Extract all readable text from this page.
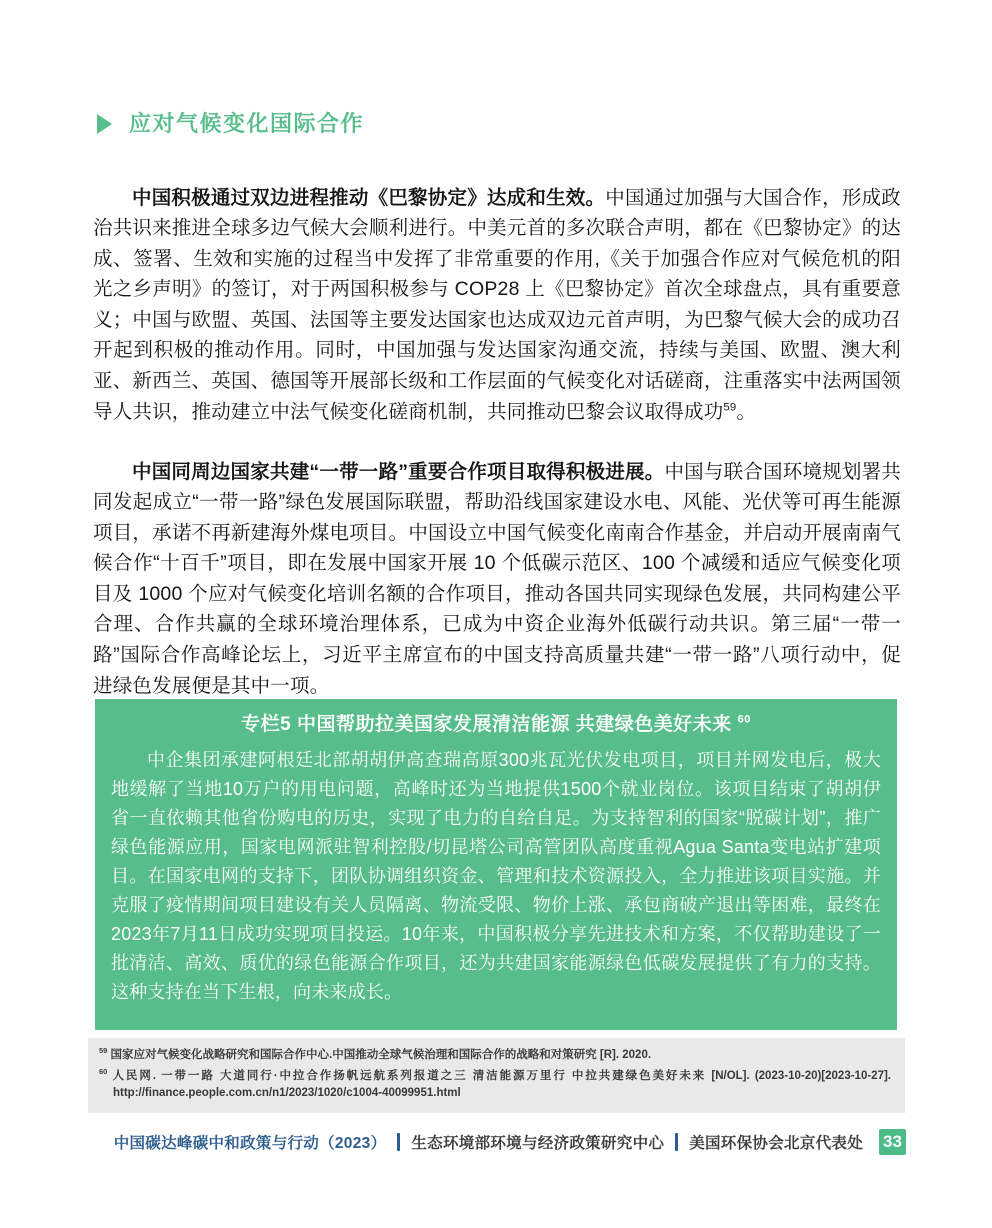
应对气候变化国际合作

中国积极通过双边进程推动《巴黎协定》达成和生效。中国通过加强与大国合作，形成政治共识来推进全球多边气候大会顺利进行。中美元首的多次联合声明，都在《巴黎协定》的达成、签署、生效和实施的过程当中发挥了非常重要的作用,《关于加强合作应对气候危机的阳光之乡声明》的签订，对于两国积极参与 COP28 上《巴黎协定》首次全球盘点，具有重要意义；中国与欧盟、英国、法国等主要发达国家也达成双边元首声明，为巴黎气候大会的成功召开起到积极的推动作用。同时，中国加强与发达国家沟通交流，持续与美国、欧盟、澳大利亚、新西兰、英国、德国等开展部长级和工作层面的气候变化对话磋商，注重落实中法两国领导人共识，推动建立中法气候变化磋商机制，共同推动巴黎会议取得成功$^{59}$。

中国同周边国家共建“一带一路”重要合作项目取得积极进展。中国与联合国环境规划署共同发起成立“一带一路”绿色发展国际联盟，帮助沿线国家建设水电、风能、光伏等可再生能源项目，承诺不再新建海外煤电项目。中国设立中国气候变化南南合作基金，并启动开展南南气候合作“十百千”项目，即在发展中国家开展 10 个低碳示范区、100 个减缓和适应气候变化项目及 1000 个应对气候变化培训名额的合作项目，推动各国共同实现绿色发展，共同构建公平合理、合作共赢的全球环境治理体系，已成为中资企业海外低碳行动共识。第三届“一带一路”国际合作高峰论坛上，习近平主席宣布的中国支持高质量共建“一带一路”八项行动中，促进绿色发展便是其中一项。

专栏5 中国帮助拉美国家发展清洁能源 共建绿色美好未来 $^{60}$

中企集团承建阿根廷北部胡胡伊高查瑞高原300兆瓦光伏发电项目，项目并网发电后，极大地缓解了当地10万户的用电问题，高峰时还为当地提供1500个就业岗位。该项目结束了胡胡伊省一直依赖其他省份购电的历史，实现了电力的自给自足。为支持智利的国家“脱碳计划”，推广绿色能源应用，国家电网派驻智利控股/切昆塔公司高管团队高度重视Agua Santa变电站扩建项目。在国家电网的支持下，团队协调组织资金、管理和技术资源投入，全力推进该项目实施。并克服了疫情期间项目建设有关人员隔离、物流受限、物价上涨、承包商破产退出等困难，最终在2023年7月11日成功实现项目投运。10年来，中国积极分享先进技术和方案，不仅帮助建设了一批清洁、高效、质优的绿色能源合作项目，还为共建国家能源绿色低碳发展提供了有力的支持。这种支持在当下生根，向未来成长。

$^{59}$ 国家应对气候变化战略研究和国际合作中心.中国推动全球气候治理和国际合作的战略和对策研究 [R]. 2020.
$^{60}$ 人民网. 一带一路 大道同行·中拉合作扬帆远航系列报道之三 清洁能源万里行 中拉共建绿色美好未来 [N/OL]. (2023-10-20)[2023-10-27]. http://finance.people.com.cn/n1/2023/1020/c1004-40099951.html
中国碳达峰碳中和政策与行动（2023） 生态环境部环境与经济政策研究中心 美国环保协会北京代表处 33
